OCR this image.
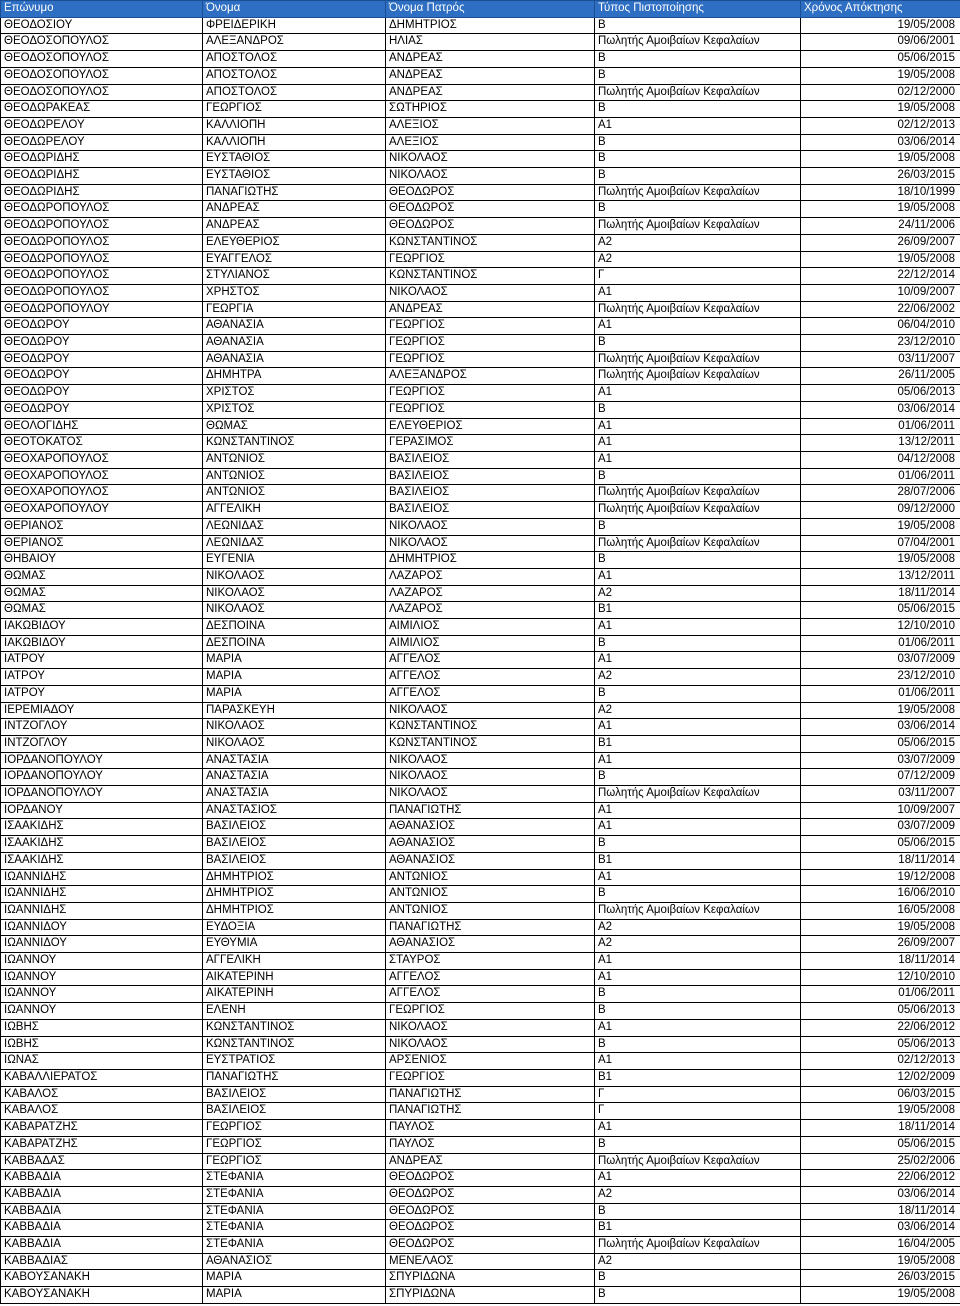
Επώνυμο	Όνομα	Όνομα Πατρός	Τύπος Πιστοποίησης	Χρόνος Απόκτησης
ΘΕΟΔΟΣΙΟΥ	ΦΡΕΙΔΕΡΙΚΗ	ΔΗΜΗΤΡΙΟΣ	Β	19/05/2008
ΘΕΟΔΟΣΟΠΟΥΛΟΣ	ΑΛΕΞΑΝΔΡΟΣ	ΗΛΙΑΣ	Πωλητής Αμοιβαίων Κεφαλαίων	09/06/2001
ΘΕΟΔΟΣΟΠΟΥΛΟΣ	ΑΠΟΣΤΟΛΟΣ	ΑΝΔΡΕΑΣ	Β	05/06/2015
ΘΕΟΔΟΣΟΠΟΥΛΟΣ	ΑΠΟΣΤΟΛΟΣ	ΑΝΔΡΕΑΣ	Β	19/05/2008
ΘΕΟΔΟΣΟΠΟΥΛΟΣ	ΑΠΟΣΤΟΛΟΣ	ΑΝΔΡΕΑΣ	Πωλητής Αμοιβαίων Κεφαλαίων	02/12/2000
ΘΕΟΔΩΡΑΚΕΑΣ	ΓΕΩΡΓΙΟΣ	ΣΩΤΗΡΙΟΣ	Β	19/05/2008
ΘΕΟΔΩΡΕΛΟΥ	ΚΑΛΛΙΟΠΗ	ΑΛΕΞΙΟΣ	Α1	02/12/2013
ΘΕΟΔΩΡΕΛΟΥ	ΚΑΛΛΙΟΠΗ	ΑΛΕΞΙΟΣ	Β	03/06/2014
ΘΕΟΔΩΡΙΔΗΣ	ΕΥΣΤΑΘΙΟΣ	ΝΙΚΟΛΑΟΣ	Β	19/05/2008
ΘΕΟΔΩΡΙΔΗΣ	ΕΥΣΤΑΘΙΟΣ	ΝΙΚΟΛΑΟΣ	Β	26/03/2015
ΘΕΟΔΩΡΙΔΗΣ	ΠΑΝΑΓΙΩΤΗΣ	ΘΕΟΔΩΡΟΣ	Πωλητής Αμοιβαίων Κεφαλαίων	18/10/1999
ΘΕΟΔΩΡΟΠΟΥΛΟΣ	ΑΝΔΡΕΑΣ	ΘΕΟΔΩΡΟΣ	Β	19/05/2008
ΘΕΟΔΩΡΟΠΟΥΛΟΣ	ΑΝΔΡΕΑΣ	ΘΕΟΔΩΡΟΣ	Πωλητής Αμοιβαίων Κεφαλαίων	24/11/2006
ΘΕΟΔΩΡΟΠΟΥΛΟΣ	ΕΛΕΥΘΕΡΙΟΣ	ΚΩΝΣΤΑΝΤΙΝΟΣ	Α2	26/09/2007
ΘΕΟΔΩΡΟΠΟΥΛΟΣ	ΕΥΑΓΓΕΛΟΣ	ΓΕΩΡΓΙΟΣ	Α2	19/05/2008
ΘΕΟΔΩΡΟΠΟΥΛΟΣ	ΣΤΥΛΙΑΝΟΣ	ΚΩΝΣΤΑΝΤΙΝΟΣ	Γ	22/12/2014
ΘΕΟΔΩΡΟΠΟΥΛΟΣ	ΧΡΗΣΤΟΣ	ΝΙΚΟΛΑΟΣ	Α1	10/09/2007
ΘΕΟΔΩΡΟΠΟΥΛΟΥ	ΓΕΩΡΓΙΑ	ΑΝΔΡΕΑΣ	Πωλητής Αμοιβαίων Κεφαλαίων	22/06/2002
ΘΕΟΔΩΡΟΥ	ΑΘΑΝΑΣΙΑ	ΓΕΩΡΓΙΟΣ	Α1	06/04/2010
ΘΕΟΔΩΡΟΥ	ΑΘΑΝΑΣΙΑ	ΓΕΩΡΓΙΟΣ	Β	23/12/2010
ΘΕΟΔΩΡΟΥ	ΑΘΑΝΑΣΙΑ	ΓΕΩΡΓΙΟΣ	Πωλητής Αμοιβαίων Κεφαλαίων	03/11/2007
ΘΕΟΔΩΡΟΥ	ΔΗΜΗΤΡΑ	ΑΛΕΞΑΝΔΡΟΣ	Πωλητής Αμοιβαίων Κεφαλαίων	26/11/2005
ΘΕΟΔΩΡΟΥ	ΧΡΙΣΤΟΣ	ΓΕΩΡΓΙΟΣ	Α1	05/06/2013
ΘΕΟΔΩΡΟΥ	ΧΡΙΣΤΟΣ	ΓΕΩΡΓΙΟΣ	Β	03/06/2014
ΘΕΟΛΟΓΙΔΗΣ	ΘΩΜΑΣ	ΕΛΕΥΘΕΡΙΟΣ	Α1	01/06/2011
ΘΕΟΤΟΚΑΤΟΣ	ΚΩΝΣΤΑΝΤΙΝΟΣ	ΓΕΡΑΣΙΜΟΣ	Α1	13/12/2011
ΘΕΟΧΑΡΟΠΟΥΛΟΣ	ΑΝΤΩΝΙΟΣ	ΒΑΣΙΛΕΙΟΣ	Α1	04/12/2008
ΘΕΟΧΑΡΟΠΟΥΛΟΣ	ΑΝΤΩΝΙΟΣ	ΒΑΣΙΛΕΙΟΣ	Β	01/06/2011
ΘΕΟΧΑΡΟΠΟΥΛΟΣ	ΑΝΤΩΝΙΟΣ	ΒΑΣΙΛΕΙΟΣ	Πωλητής Αμοιβαίων Κεφαλαίων	28/07/2006
ΘΕΟΧΑΡΟΠΟΥΛΟΥ	ΑΓΓΕΛΙΚΗ	ΒΑΣΙΛΕΙΟΣ	Πωλητής Αμοιβαίων Κεφαλαίων	09/12/2000
ΘΕΡΙΑΝΟΣ	ΛΕΩΝΙΔΑΣ	ΝΙΚΟΛΑΟΣ	Β	19/05/2008
ΘΕΡΙΑΝΟΣ	ΛΕΩΝΙΔΑΣ	ΝΙΚΟΛΑΟΣ	Πωλητής Αμοιβαίων Κεφαλαίων	07/04/2001
ΘΗΒΑΙΟΥ	ΕΥΓΕΝΙΑ	ΔΗΜΗΤΡΙΟΣ	Β	19/05/2008
ΘΩΜΑΣ	ΝΙΚΟΛΑΟΣ	ΛΑΖΑΡΟΣ	Α1	13/12/2011
ΘΩΜΑΣ	ΝΙΚΟΛΑΟΣ	ΛΑΖΑΡΟΣ	Α2	18/11/2014
ΘΩΜΑΣ	ΝΙΚΟΛΑΟΣ	ΛΑΖΑΡΟΣ	Β1	05/06/2015
ΙΑΚΩΒΙΔΟΥ	ΔΕΣΠΟΙΝΑ	ΑΙΜΙΛΙΟΣ	Α1	12/10/2010
ΙΑΚΩΒΙΔΟΥ	ΔΕΣΠΟΙΝΑ	ΑΙΜΙΛΙΟΣ	Β	01/06/2011
ΙΑΤΡΟΥ	ΜΑΡΙΑ	ΑΓΓΕΛΟΣ	Α1	03/07/2009
ΙΑΤΡΟΥ	ΜΑΡΙΑ	ΑΓΓΕΛΟΣ	Α2	23/12/2010
ΙΑΤΡΟΥ	ΜΑΡΙΑ	ΑΓΓΕΛΟΣ	Β	01/06/2011
ΙΕΡΕΜΙΑΔΟΥ	ΠΑΡΑΣΚΕΥΗ	ΝΙΚΟΛΑΟΣ	Α2	19/05/2008
ΙΝΤΖΟΓΛΟΥ	ΝΙΚΟΛΑΟΣ	ΚΩΝΣΤΑΝΤΙΝΟΣ	Α1	03/06/2014
ΙΝΤΖΟΓΛΟΥ	ΝΙΚΟΛΑΟΣ	ΚΩΝΣΤΑΝΤΙΝΟΣ	Β1	05/06/2015
ΙΟΡΔΑΝΟΠΟΥΛΟΥ	ΑΝΑΣΤΑΣΙΑ	ΝΙΚΟΛΑΟΣ	Α1	03/07/2009
ΙΟΡΔΑΝΟΠΟΥΛΟΥ	ΑΝΑΣΤΑΣΙΑ	ΝΙΚΟΛΑΟΣ	Β	07/12/2009
ΙΟΡΔΑΝΟΠΟΥΛΟΥ	ΑΝΑΣΤΑΣΙΑ	ΝΙΚΟΛΑΟΣ	Πωλητής Αμοιβαίων Κεφαλαίων	03/11/2007
ΙΟΡΔΑΝΟΥ	ΑΝΑΣΤΑΣΙΟΣ	ΠΑΝΑΓΙΩΤΗΣ	Α1	10/09/2007
ΙΣΑΑΚΙΔΗΣ	ΒΑΣΙΛΕΙΟΣ	ΑΘΑΝΑΣΙΟΣ	Α1	03/07/2009
ΙΣΑΑΚΙΔΗΣ	ΒΑΣΙΛΕΙΟΣ	ΑΘΑΝΑΣΙΟΣ	Β	05/06/2015
ΙΣΑΑΚΙΔΗΣ	ΒΑΣΙΛΕΙΟΣ	ΑΘΑΝΑΣΙΟΣ	Β1	18/11/2014
ΙΩΑΝΝΙΔΗΣ	ΔΗΜΗΤΡΙΟΣ	ΑΝΤΩΝΙΟΣ	Α1	19/12/2008
ΙΩΑΝΝΙΔΗΣ	ΔΗΜΗΤΡΙΟΣ	ΑΝΤΩΝΙΟΣ	Β	16/06/2010
ΙΩΑΝΝΙΔΗΣ	ΔΗΜΗΤΡΙΟΣ	ΑΝΤΩΝΙΟΣ	Πωλητής Αμοιβαίων Κεφαλαίων	16/05/2008
ΙΩΑΝΝΙΔΟΥ	ΕΥΔΟΞΙΑ	ΠΑΝΑΓΙΩΤΗΣ	Α2	19/05/2008
ΙΩΑΝΝΙΔΟΥ	ΕΥΘΥΜΙΑ	ΑΘΑΝΑΣΙΟΣ	Α2	26/09/2007
ΙΩΑΝΝΟΥ	ΑΓΓΕΛΙΚΗ	ΣΤΑΥΡΟΣ	Α1	18/11/2014
ΙΩΑΝΝΟΥ	ΑΙΚΑΤΕΡΙΝΗ	ΑΓΓΕΛΟΣ	Α1	12/10/2010
ΙΩΑΝΝΟΥ	ΑΙΚΑΤΕΡΙΝΗ	ΑΓΓΕΛΟΣ	Β	01/06/2011
ΙΩΑΝΝΟΥ	ΕΛΕΝΗ	ΓΕΩΡΓΙΟΣ	Β	05/06/2013
ΙΩΒΗΣ	ΚΩΝΣΤΑΝΤΙΝΟΣ	ΝΙΚΟΛΑΟΣ	Α1	22/06/2012
ΙΩΒΗΣ	ΚΩΝΣΤΑΝΤΙΝΟΣ	ΝΙΚΟΛΑΟΣ	Β	05/06/2013
ΙΩΝΑΣ	ΕΥΣΤΡΑΤΙΟΣ	ΑΡΣΕΝΙΟΣ	Α1	02/12/2013
ΚΑΒΑΛΛΙΕΡΑΤΟΣ	ΠΑΝΑΓΙΩΤΗΣ	ΓΕΩΡΓΙΟΣ	Β1	12/02/2009
ΚΑΒΑΛΟΣ	ΒΑΣΙΛΕΙΟΣ	ΠΑΝΑΓΙΩΤΗΣ	Γ	06/03/2015
ΚΑΒΑΛΟΣ	ΒΑΣΙΛΕΙΟΣ	ΠΑΝΑΓΙΩΤΗΣ	Γ	19/05/2008
ΚΑΒΑΡΑΤΖΗΣ	ΓΕΩΡΓΙΟΣ	ΠΑΥΛΟΣ	Α1	18/11/2014
ΚΑΒΑΡΑΤΖΗΣ	ΓΕΩΡΓΙΟΣ	ΠΑΥΛΟΣ	Β	05/06/2015
ΚΑΒΒΑΔΑΣ	ΓΕΩΡΓΙΟΣ	ΑΝΔΡΕΑΣ	Πωλητής Αμοιβαίων Κεφαλαίων	25/02/2006
ΚΑΒΒΑΔΙΑ	ΣΤΕΦΑΝΙΑ	ΘΕΟΔΩΡΟΣ	Α1	22/06/2012
ΚΑΒΒΑΔΙΑ	ΣΤΕΦΑΝΙΑ	ΘΕΟΔΩΡΟΣ	Α2	03/06/2014
ΚΑΒΒΑΔΙΑ	ΣΤΕΦΑΝΙΑ	ΘΕΟΔΩΡΟΣ	Β	18/11/2014
ΚΑΒΒΑΔΙΑ	ΣΤΕΦΑΝΙΑ	ΘΕΟΔΩΡΟΣ	Β1	03/06/2014
ΚΑΒΒΑΔΙΑ	ΣΤΕΦΑΝΙΑ	ΘΕΟΔΩΡΟΣ	Πωλητής Αμοιβαίων Κεφαλαίων	16/04/2005
ΚΑΒΒΑΔΙΑΣ	ΑΘΑΝΑΣΙΟΣ	ΜΕΝΕΛΑΟΣ	Α2	19/05/2008
ΚΑΒΟΥΣΑΝΑΚΗ	ΜΑΡΙΑ	ΣΠΥΡΙΔΩΝΑ	Β	26/03/2015
ΚΑΒΟΥΣΑΝΑΚΗ	ΜΑΡΙΑ	ΣΠΥΡΙΔΩΝΑ	Β	19/05/2008
